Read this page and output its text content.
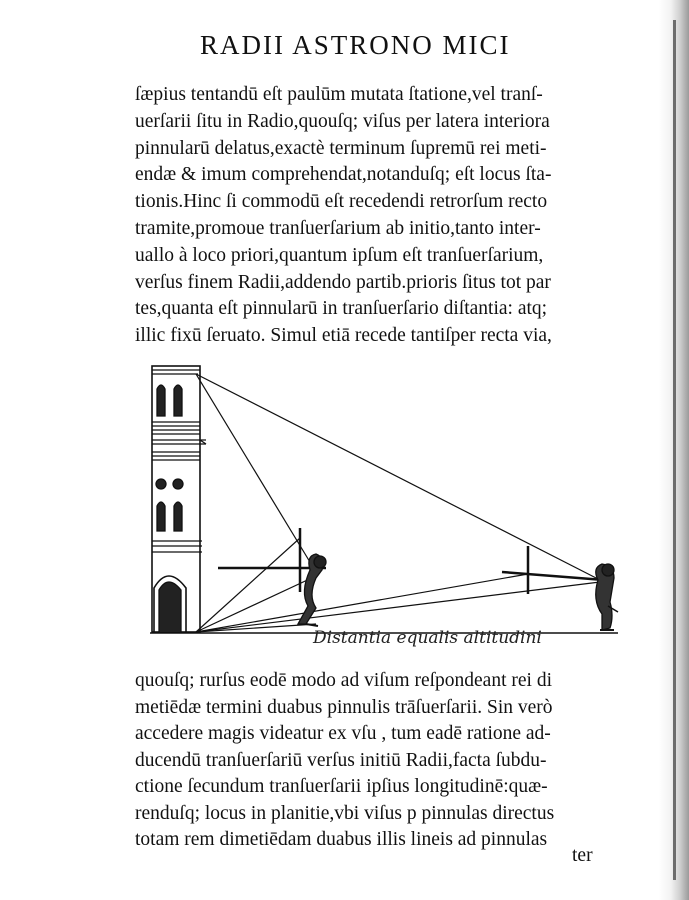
RADII ASTRONO MICI
ſæpius tentandū eſt paulūm mutata ſtatione,vel tranſ-
uerſarii ſitu in Radio,quouſq; viſus per latera interiora
pinnularū delatus,exactè terminum ſupremū rei meti-
endæ & imum comprehendat,notanduſq; eſt locus ſta-
tionis.Hinc ſi commodū eſt recedendi retrorſum recto
tramite,promoue tranſuerſarium ab initio,tanto inter-
uallo à loco priori,quantum ipſum eſt tranſuerſarium,
verſus finem Radii,addendo partib.prioris ſitus tot par
tes,quanta eſt pinnularū in tranſuerſario diſtantia: atq;
illic fixū ſeruato. Simul etiā recede tantiſper recta via,
Distantia equalis altitudini
quouſq; rurſus eodē modo ad viſum reſpondeant rei di
metiēdæ termini duabus pinnulis trāſuerſarii. Sin verò
accedere magis videatur ex vſu , tum eadē ratione ad-
ducendū tranſuerſariū verſus initiū Radii,facta ſubdu-
ctione ſecundum tranſuerſarii ipſius longitudinē:quæ-
renduſq; locus in planitie,vbi viſus p pinnulas directus
totam rem dimetiēdam duabus illis lineis ad pinnulas
ter
